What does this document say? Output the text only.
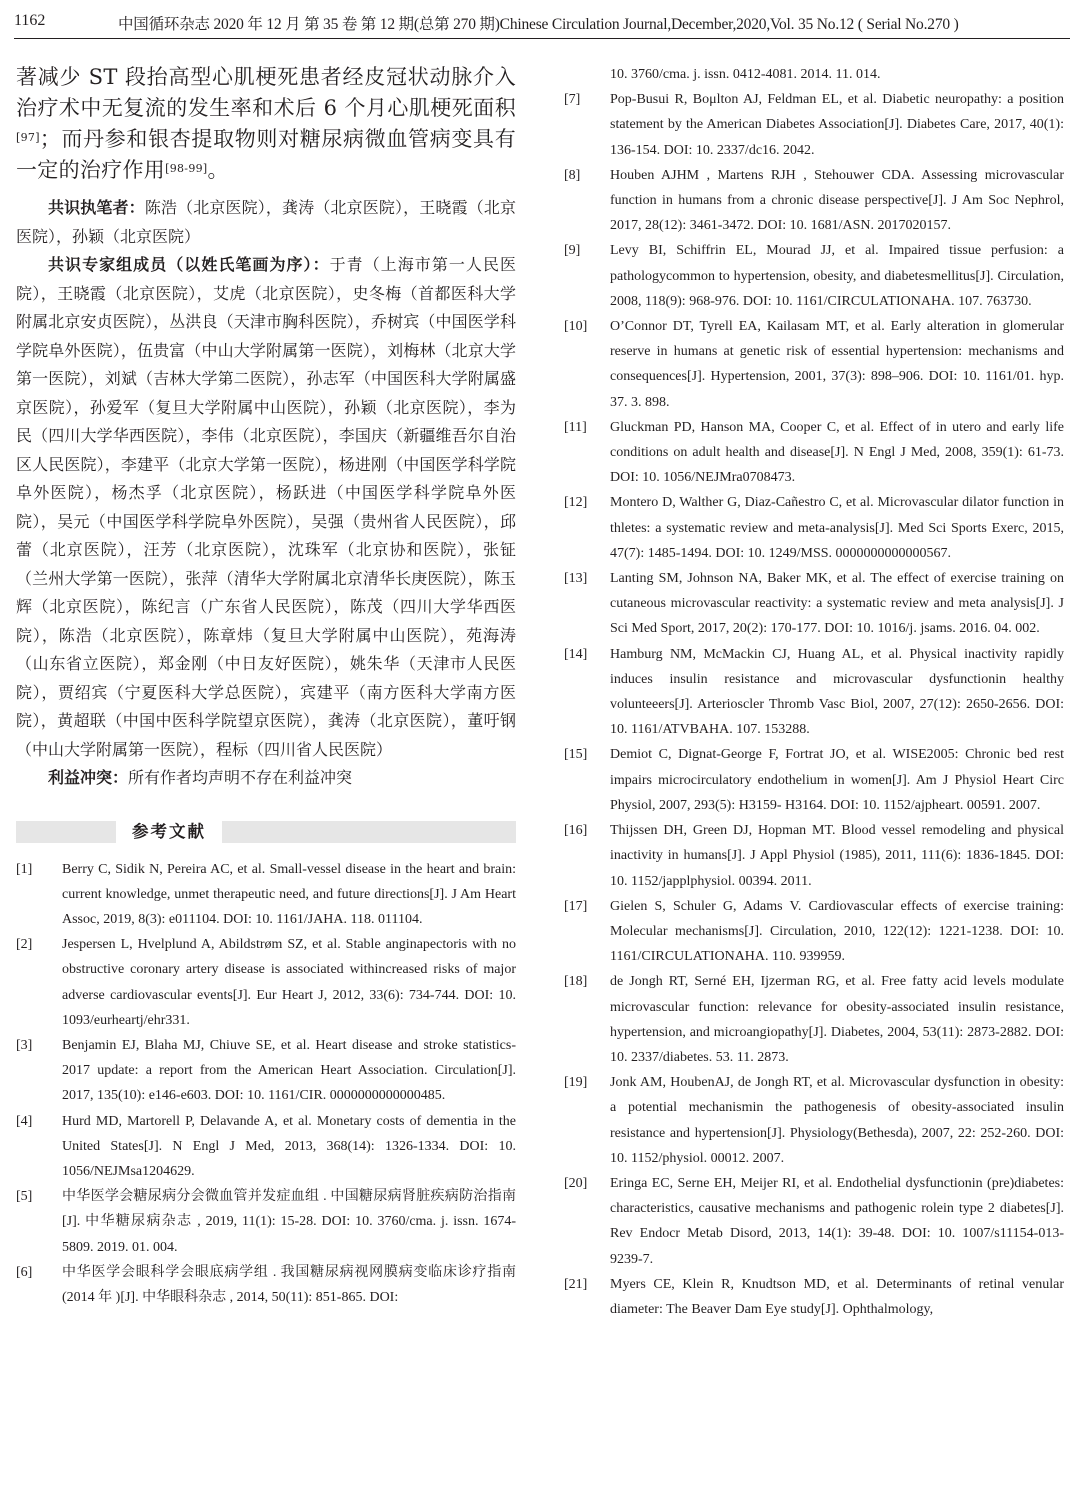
1162	中国循环杂志 2020 年 12 月 第 35 卷 第 12 期(总第 270 期)Chinese Circulation Journal,December,2020,Vol. 35 No.12 ( Serial No.270 )

著减少 ST 段抬高型心肌梗死患者经皮冠状动脉介入治疗术中无复流的发生率和术后 6 个月心肌梗死面积[97]；而丹参和银杏提取物则对糖尿病微血管病变具有一定的治疗作用[98-99]。

共识执笔者：陈浩（北京医院），龚涛（北京医院），王晓霞（北京医院），孙颖（北京医院）

共识专家组成员（以姓氏笔画为序）：于青（上海市第一人民医院），王晓霞（北京医院），艾虎（北京医院），史冬梅（首都医科大学附属北京安贞医院），丛洪良（天津市胸科医院），乔树宾（中国医学科学院阜外医院），伍贵富（中山大学附属第一医院），刘梅林（北京大学第一医院），刘斌（吉林大学第二医院），孙志军（中国医科大学附属盛京医院），孙爱军（复旦大学附属中山医院），孙颖（北京医院），李为民（四川大学华西医院），李伟（北京医院），李国庆（新疆维吾尔自治区人民医院），李建平（北京大学第一医院），杨进刚（中国医学科学院阜外医院），杨杰孚（北京医院），杨跃进（中国医学科学院阜外医院），吴元（中国医学科学院阜外医院），吴强（贵州省人民医院），邱蕾（北京医院），汪芳（北京医院），沈珠军（北京协和医院），张钲（兰州大学第一医院），张萍（清华大学附属北京清华长庚医院），陈玉辉（北京医院），陈纪言（广东省人民医院），陈茂（四川大学华西医院），陈浩（北京医院），陈章炜（复旦大学附属中山医院），苑海涛（山东省立医院），郑金刚（中日友好医院），姚朱华（天津市人民医院），贾绍宾（宁夏医科大学总医院），宾建平（南方医科大学南方医院），黄超联（中国中医科学院望京医院），龚涛（北京医院），董吁钢（中山大学附属第一医院），程标（四川省人民医院）

利益冲突：所有作者均声明不存在利益冲突

参考文献

[1]	Berry C, Sidik N, Pereira AC, et al. Small-vessel disease in the heart and brain: current knowledge, unmet therapeutic need, and future directions[J]. J Am Heart Assoc, 2019, 8(3): e011104. DOI: 10. 1161/JAHA. 118. 011104.

[2]	Jespersen L, Hvelplund A, Abildstrøm SZ, et al. Stable anginapectoris with no obstructive coronary artery disease is associated withincreased risks of major adverse cardiovascular events[J]. Eur Heart J, 2012, 33(6): 734-744. DOI: 10. 1093/eurheartj/ehr331.

[3]	Benjamin EJ, Blaha MJ, Chiuve SE, et al. Heart disease and stroke statistics-2017 update: a report from the American Heart Association. Circulation[J]. 2017, 135(10): e146-e603. DOI: 10. 1161/CIR. 0000000000000485.

[4]	Hurd MD, Martorell P, Delavande A, et al. Monetary costs of dementia in the United States[J]. N Engl J Med, 2013, 368(14): 1326-1334. DOI: 10. 1056/NEJMsa1204629.

[5]	中华医学会糖尿病分会微血管并发症血组 . 中国糖尿病肾脏疾病防治指南 [J]. 中华糖尿病杂志 , 2019, 11(1): 15-28. DOI: 10. 3760/cma. j. issn. 1674-5809. 2019. 01. 004.

[6]	中华医学会眼科学会眼底病学组 . 我国糖尿病视网膜病变临床诊疗指南 (2014 年 )[J]. 中华眼科杂志 , 2014, 50(11): 851-865. DOI:

10. 3760/cma. j. issn. 0412-4081. 2014. 11. 014.

[7]	Pop-Busui R, Boμlton AJ, Feldman EL, et al. Diabetic neuropathy: a position statement by the American Diabetes Association[J]. Diabetes Care, 2017, 40(1): 136-154. DOI: 10. 2337/dc16. 2042.

[8]	Houben AJHM , Martens RJH , Stehouwer CDA. Assessing microvascular function in humans from a chronic disease perspective[J]. J Am Soc Nephrol, 2017, 28(12): 3461-3472. DOI: 10. 1681/ASN. 2017020157.

[9]	Levy BI, Schiffrin EL, Mourad JJ, et al. Impaired tissue perfusion: a pathologycommon to hypertension, obesity, and diabetesmellitus[J]. Circulation, 2008, 118(9): 968-976. DOI: 10. 1161/CIRCULATIONAHA. 107. 763730.

[10]	O’Connor DT, Tyrell EA, Kailasam MT, et al. Early alteration in glomerular reserve in humans at genetic risk of essential hypertension: mechanisms and consequences[J]. Hypertension, 2001, 37(3): 898–906. DOI: 10. 1161/01. hyp. 37. 3. 898.

[11]	Gluckman PD, Hanson MA, Cooper C, et al. Effect of in utero and early life conditions on adult health and disease[J]. N Engl J Med, 2008, 359(1): 61-73. DOI: 10. 1056/NEJMra0708473.

[12]	Montero D, Walther G, Diaz-Cañestro C, et al. Microvascular dilator function in thletes: a systematic review and meta-analysis[J]. Med Sci Sports Exerc, 2015, 47(7): 1485-1494. DOI: 10. 1249/MSS. 0000000000000567.

[13]	Lanting SM, Johnson NA, Baker MK, et al. The effect of exercise training on cutaneous microvascular reactivity: a systematic review and meta analysis[J]. J Sci Med Sport, 2017, 20(2): 170-177. DOI: 10. 1016/j. jsams. 2016. 04. 002.

[14]	Hamburg NM, McMackin CJ, Huang AL, et al. Physical inactivity rapidly induces insulin resistance and microvascular dysfunctionin healthy volunteeers[J]. Arterioscler Thromb Vasc Biol, 2007, 27(12): 2650-2656. DOI: 10. 1161/ATVBAHA. 107. 153288.

[15]	Demiot C, Dignat-George F, Fortrat JO, et al. WISE2005: Chronic bed rest impairs microcirculatory endothelium in women[J]. Am J Physiol Heart Circ Physiol, 2007, 293(5): H3159- H3164. DOI: 10. 1152/ajpheart. 00591. 2007.

[16]	Thijssen DH, Green DJ, Hopman MT. Blood vessel remodeling and physical inactivity in humans[J]. J Appl Physiol (1985), 2011, 111(6): 1836-1845. DOI: 10. 1152/japplphysiol. 00394. 2011.

[17]	Gielen S, Schuler G, Adams V. Cardiovascular effects of exercise training: Molecular mechanisms[J]. Circulation, 2010, 122(12): 1221-1238. DOI: 10. 1161/CIRCULATIONAHA. 110. 939959.

[18]	de Jongh RT, Serné EH, Ijzerman RG, et al. Free fatty acid levels modulate microvascular function: relevance for obesity-associated insulin resistance, hypertension, and microangiopathy[J]. Diabetes, 2004, 53(11): 2873-2882. DOI: 10. 2337/diabetes. 53. 11. 2873.

[19]	Jonk AM, HoubenAJ, de Jongh RT, et al. Microvascular dysfunction in obesity: a potential mechanismin the pathogenesis of obesity-associated insulin resistance and hypertension[J]. Physiology(Bethesda), 2007, 22: 252-260. DOI: 10. 1152/physiol. 00012. 2007.

[20]	Eringa EC, Serne EH, Meijer RI, et al. Endothelial dysfunctionin (pre)diabetes: characteristics, causative mechanisms and pathogenic rolein type 2 diabetes[J]. Rev Endocr Metab Disord, 2013, 14(1): 39-48. DOI: 10. 1007/s11154-013-9239-7.

[21]	Myers CE, Klein R, Knudtson MD, et al. Determinants of retinal venular diameter: The Beaver Dam Eye study[J]. Ophthalmology,
